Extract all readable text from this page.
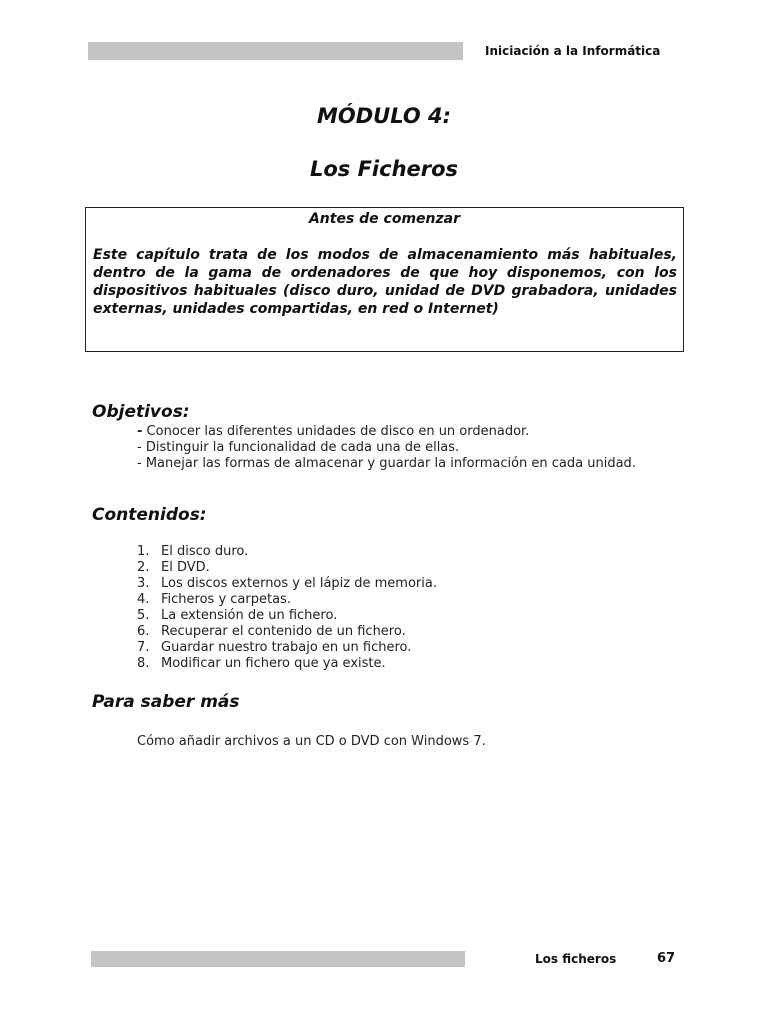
Iniciación a la Informática
MÓDULO 4:
Los Ficheros
Antes de comenzar
Este capítulo trata de los modos de almacenamiento más habituales, dentro de la gama de ordenadores de que hoy disponemos, con los dispositivos habituales (disco duro, unidad de DVD grabadora, unidades externas, unidades compartidas, en red o Internet)
Objetivos:
- Conocer las diferentes unidades de disco en un ordenador.
- Distinguir la funcionalidad de cada una de ellas.
- Manejar las formas de almacenar y guardar la información en cada unidad.
Contenidos:
1. El disco duro.
2. El DVD.
3. Los discos externos y el lápiz de memoria.
4. Ficheros y carpetas.
5. La extensión de un fichero.
6. Recuperar el contenido de un fichero.
7. Guardar nuestro trabajo en un fichero.
8. Modificar un fichero que ya existe.
Para saber más
Cómo añadir archivos a un CD o DVD con Windows 7.
Los ficheros	67
